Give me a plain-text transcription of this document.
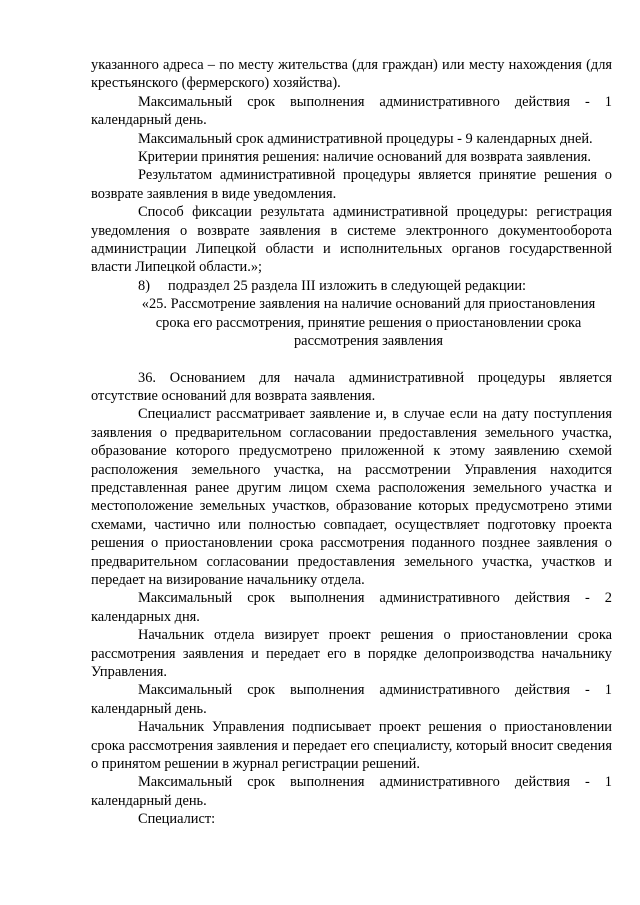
указанного адреса – по месту жительства (для граждан) или месту нахождения (для крестьянского (фермерского) хозяйства).

Максимальный срок выполнения административного действия - 1 календарный день.

Максимальный срок административной процедуры - 9 календарных дней.

Критерии принятия решения: наличие оснований для возврата заявления.

Результатом административной процедуры является принятие решения о возврате заявления в виде уведомления.

Способ фиксации результата административной процедуры: регистрация уведомления о возврате заявления в системе электронного документооборота администрации Липецкой области и исполнительных органов государственной власти Липецкой области.»;

8) подраздел 25 раздела III изложить в следующей редакции:

«25. Рассмотрение заявления на наличие оснований для приостановления срока его рассмотрения, принятие решения о приостановлении срока рассмотрения заявления

36. Основанием для начала административной процедуры является отсутствие оснований для возврата заявления.

Специалист рассматривает заявление и, в случае если на дату поступления заявления о предварительном согласовании предоставления земельного участка, образование которого предусмотрено приложенной к этому заявлению схемой расположения земельного участка, на рассмотрении Управления находится представленная ранее другим лицом схема расположения земельного участка и местоположение земельных участков, образование которых предусмотрено этими схемами, частично или полностью совпадает, осуществляет подготовку проекта решения о приостановлении срока рассмотрения поданного позднее заявления о предварительном согласовании предоставления земельного участка, участков и передает на визирование начальнику отдела.

Максимальный срок выполнения административного действия - 2 календарных дня.

Начальник отдела визирует проект решения о приостановлении срока рассмотрения заявления и передает его в порядке делопроизводства начальнику Управления.

Максимальный срок выполнения административного действия - 1 календарный день.

Начальник Управления подписывает проект решения о приостановлении срока рассмотрения заявления и передает его специалисту, который вносит сведения о принятом решении в журнал регистрации решений.

Максимальный срок выполнения административного действия - 1 календарный день.

Специалист:
